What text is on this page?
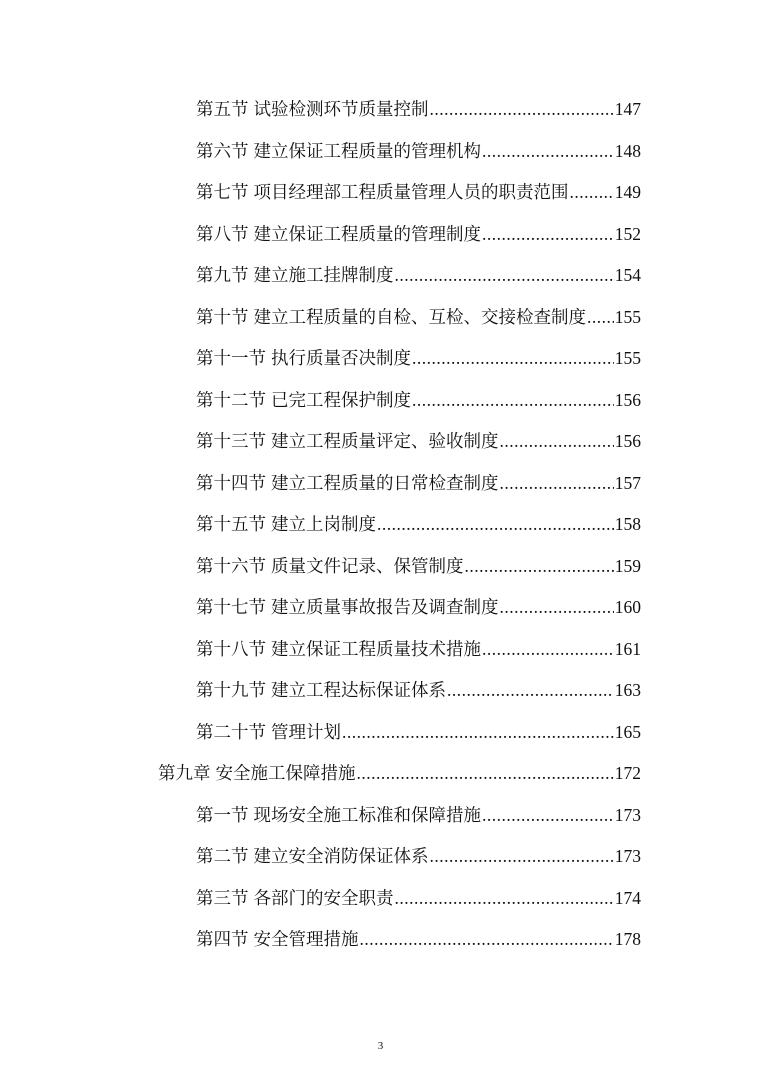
第五节 试验检测环节质量控制 .....	147
第六节 建立保证工程质量的管理机构 .....	148
第七节 项目经理部工程质量管理人员的职责范围 .....	149
第八节 建立保证工程质量的管理制度 .....	152
第九节 建立施工挂牌制度 .....	154
第十节 建立工程质量的自检、互检、交接检查制度 ..... 155
第十一节 执行质量否决制度 .....	155
第十二节 已完工程保护制度 .....	156
第十三节 建立工程质量评定、验收制度 .....	156
第十四节 建立工程质量的日常检查制度 .....	157
第十五节 建立上岗制度 .....	158
第十六节 质量文件记录、保管制度 .....	159
第十七节 建立质量事故报告及调查制度 .....	160
第十八节 建立保证工程质量技术措施 .....	161
第十九节 建立工程达标保证体系 .....	163
第二十节 管理计划 .....	165
第九章 安全施工保障措施 .....	172
第一节 现场安全施工标准和保障措施 .....	173
第二节 建立安全消防保证体系 .....	173
第三节 各部门的安全职责 .....	174
第四节 安全管理措施 .....	178
3
